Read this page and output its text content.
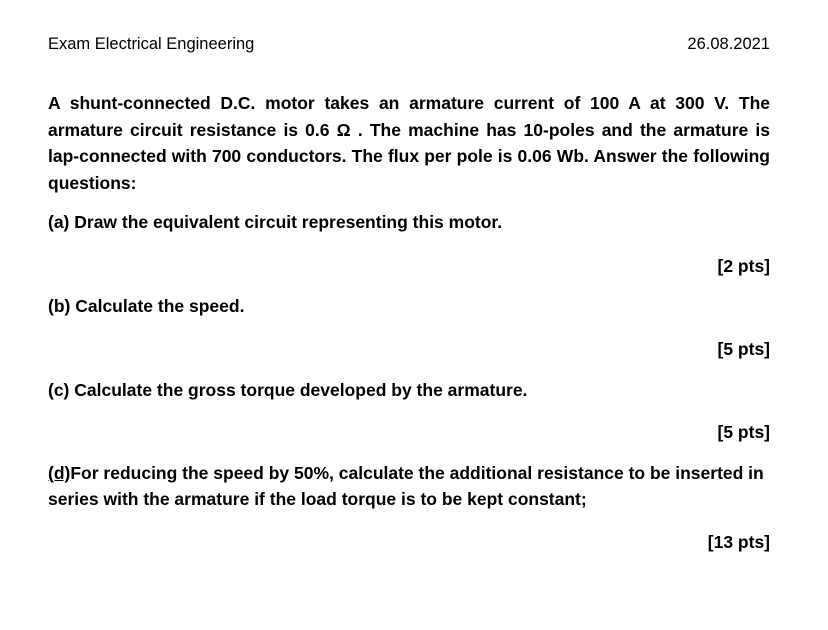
Exam Electrical Engineering	26.08.2021

A shunt-connected D.C. motor takes an armature current of 100 A at 300 V. The armature circuit resistance is 0.6 Ω . The machine has 10-poles and the armature is lap-connected with 700 conductors. The flux per pole is 0.06 Wb. Answer the following questions:

(a) Draw the equivalent circuit representing this motor.

[2 pts]

(b) Calculate the speed.

[5 pts]

(c) Calculate the gross torque developed by the armature.

[5 pts]

(d)For reducing the speed by 50%, calculate the additional resistance to be inserted in series with the armature if the load torque is to be kept constant;

[13 pts]
